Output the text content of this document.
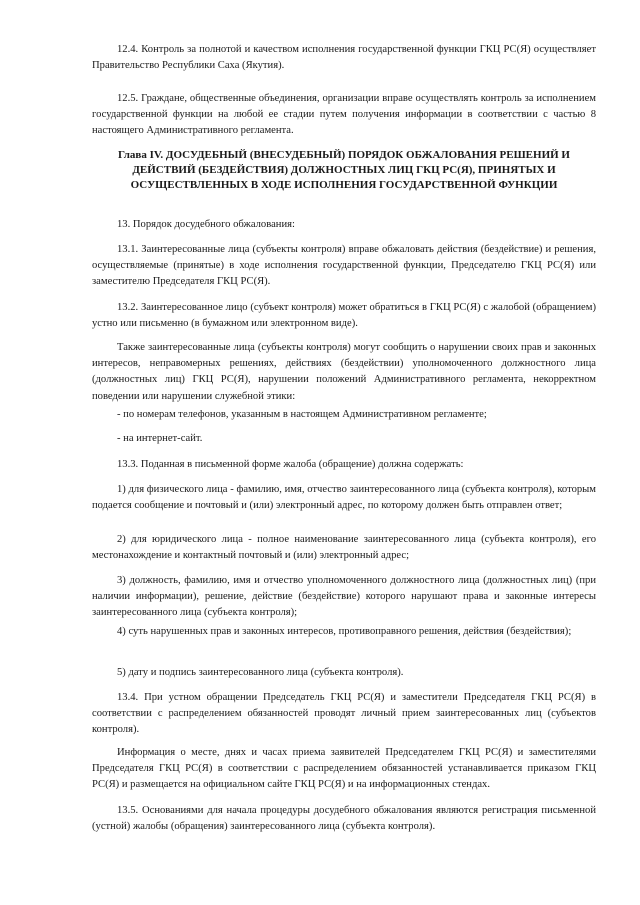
12.4. Контроль за полнотой и качеством исполнения государственной функции ГКЦ РС(Я) осуществляет Правительство Республики Саха (Якутия).

12.5. Граждане, общественные объединения, организации вправе осуществлять контроль за исполнением государственной функции на любой ее стадии путем получения информации в соответствии с частью 8 настоящего Административного регламента.

Глава IV. ДОСУДЕБНЫЙ (ВНЕСУДЕБНЫЙ) ПОРЯДОК ОБЖАЛОВАНИЯ РЕШЕНИЙ И ДЕЙСТВИЙ (БЕЗДЕЙСТВИЯ) ДОЛЖНОСТНЫХ ЛИЦ ГКЦ РС(Я), ПРИНЯТЫХ И ОСУЩЕСТВЛЕННЫХ В ХОДЕ ИСПОЛНЕНИЯ ГОСУДАРСТВЕННОЙ ФУНКЦИИ

13. Порядок досудебного обжалования:

13.1. Заинтересованные лица (субъекты контроля) вправе обжаловать действия (бездействие) и решения, осуществляемые (принятые) в ходе исполнения государственной функции, Председателю ГКЦ РС(Я) или заместителю Председателя ГКЦ РС(Я).

13.2. Заинтересованное лицо (субъект контроля) может обратиться в ГКЦ РС(Я) с жалобой (обращением) устно или письменно (в бумажном или электронном виде).

Также заинтересованные лица (субъекты контроля) могут сообщить о нарушении своих прав и законных интересов, неправомерных решениях, действиях (бездействии) уполномоченного должностного лица (должностных лиц) ГКЦ РС(Я), нарушении положений Административного регламента, некорректном поведении или нарушении служебной этики:

- по номерам телефонов, указанным в настоящем Административном регламенте;

- на интернет-сайт.

13.3. Поданная в письменной форме жалоба (обращение) должна содержать:

1) для физического лица - фамилию, имя, отчество заинтересованного лица (субъекта контроля), которым подается сообщение и почтовый и (или) электронный адрес, по которому должен быть отправлен ответ;

2) для юридического лица - полное наименование заинтересованного лица (субъекта контроля), его местонахождение и контактный почтовый и (или) электронный адрес;

3) должность, фамилию, имя и отчество уполномоченного должностного лица (должностных лиц) (при наличии информации), решение, действие (бездействие) которого нарушают права и законные интересы заинтересованного лица (субъекта контроля);

4) суть нарушенных прав и законных интересов, противоправного решения, действия (бездействия);

5) дату и подпись заинтересованного лица (субъекта контроля).

13.4. При устном обращении Председатель ГКЦ РС(Я) и заместители Председателя ГКЦ РС(Я) в соответствии с распределением обязанностей проводят личный прием заинтересованных лиц (субъектов контроля).

Информация о месте, днях и часах приема заявителей Председателем ГКЦ РС(Я) и заместителями Председателя ГКЦ РС(Я) в соответствии с распределением обязанностей устанавливается приказом ГКЦ РС(Я) и размещается на официальном сайте ГКЦ РС(Я) и на информационных стендах.

13.5. Основаниями для начала процедуры досудебного обжалования являются регистрация письменной (устной) жалобы (обращения) заинтересованного лица (субъекта контроля).
